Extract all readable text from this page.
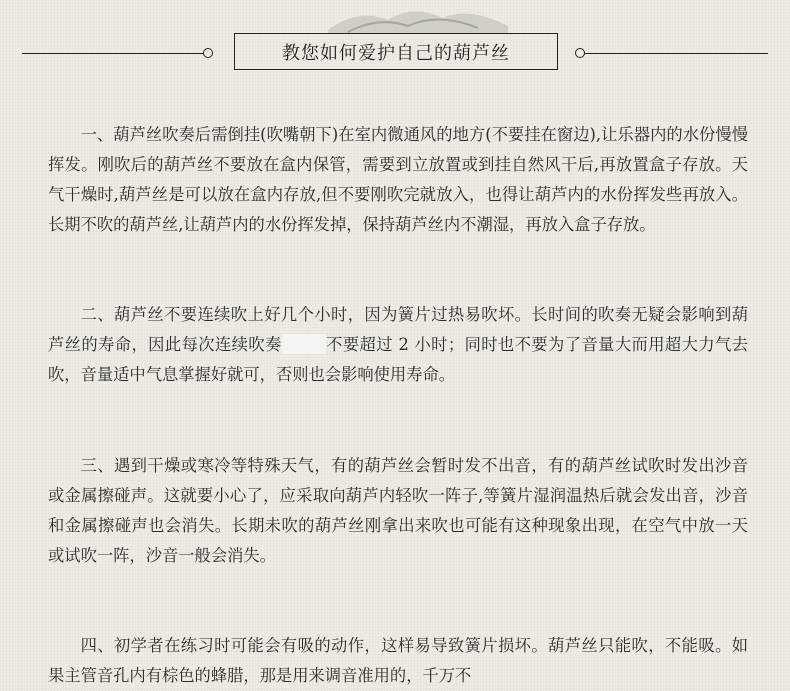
教您如何爱护自己的葫芦丝

一、葫芦丝吹奏后需倒挂(吹嘴朝下)在室内微通风的地方(不要挂在窗边),让乐器内的水份慢慢挥发。刚吹后的葫芦丝不要放在盒内保管，需要到立放置或到挂自然风干后,再放置盒子存放。天气干燥时,葫芦丝是可以放在盒内存放,但不要刚吹完就放入，也得让葫芦内的水份挥发些再放入。长期不吹的葫芦丝,让葫芦内的水份挥发掉，保持葫芦丝内不潮湿，再放入盒子存放。

二、葫芦丝不要连续吹上好几个小时，因为簧片过热易吹坏。长时间的吹奏无疑会影响到葫芦丝的寿命，因此每次连续吹奏	不要超过 2 小时；同时也不要为了音量大而用超大力气去吹，音量适中气息掌握好就可，否则也会影响使用寿命。

三、遇到干燥或寒冷等特殊天气，有的葫芦丝会暂时发不出音，有的葫芦丝试吹时发出沙音或金属擦碰声。这就要小心了，应采取向葫芦内轻吹一阵子,等簧片湿润温热后就会发出音，沙音和金属擦碰声也会消失。长期未吹的葫芦丝刚拿出来吹也可能有这种现象出现，在空气中放一天或试吹一阵，沙音一般会消失。

四、初学者在练习时可能会有吸的动作，这样易导致簧片损坏。葫芦丝只能吹，不能吸。如果主管音孔内有棕色的蜂腊，那是用来调音准用的，千万不
